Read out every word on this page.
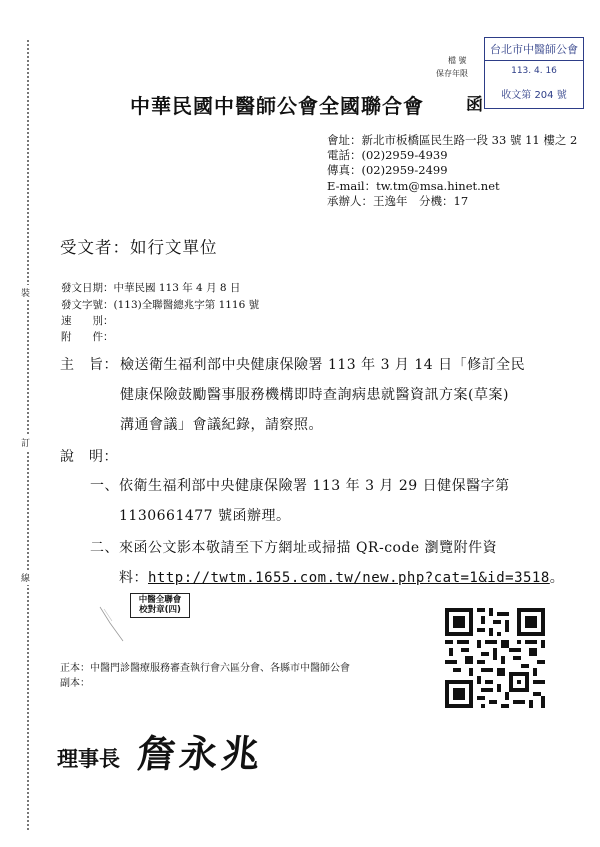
裝
訂
線
檔 號
保存年限
台北市中醫師公會
113. 4. 16
收文第 204 號
中華民國中醫師公會全國聯合會 函
會址：新北市板橋區民生路一段 33 號 11 樓之 2
電話：(02)2959-4939
傳真：(02)2959-2499
E-mail：tw.tm@msa.hinet.net
承辦人：王逸年　分機：17
受文者：如行文單位
發文日期：中華民國 113 年 4 月 8 日
發文字號：(113)全聯醫總兆字第 1116 號
速　　別：
附　　件：
主　旨： 檢送衛生福利部中央健康保險署 113 年 3 月 14 日「修訂全民
健康保險鼓勵醫事服務機構即時查詢病患就醫資訊方案(草案)
溝通會議」會議紀錄，請察照。
說　明：
一、依衛生福利部中央健康保險署 113 年 3 月 29 日健保醫字第
1130661477 號函辦理。
二、來函公文影本敬請至下方網址或掃描 QR-code 瀏覽附件資
料：http://twtm.1655.com.tw/new.php?cat=1&id=3518。
中醫全聯會
校對章(四)
正本：中醫門診醫療服務審查執行會六區分會、各縣市中醫師公會
副本：
理事長 詹永兆
